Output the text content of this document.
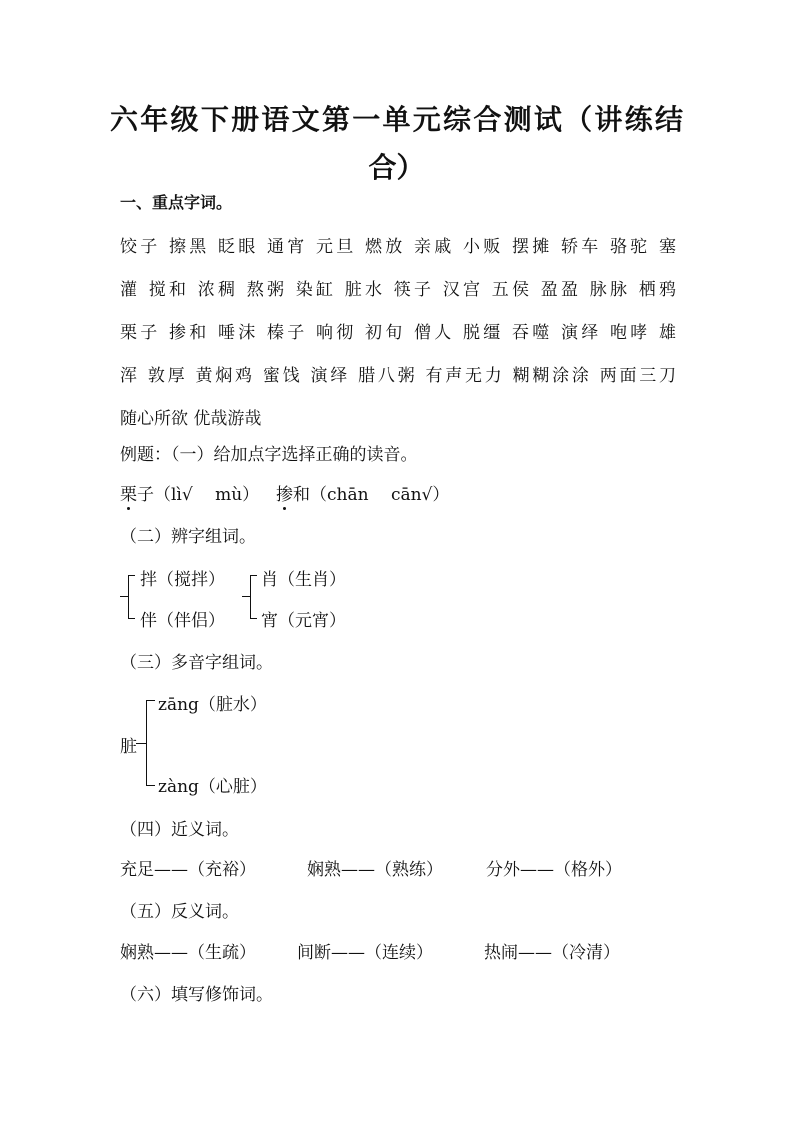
六年级下册语文第一单元综合测试（讲练结
合）
一、重点字词。
饺子 擦黑 眨眼 通宵 元旦 燃放 亲戚 小贩 摆摊 轿车 骆驼 塞
灌 搅和 浓稠 熬粥 染缸 脏水 筷子 汉宫 五侯 盈盈 脉脉 栖鸦
栗子 掺和 唾沫 榛子 响彻 初旬 僧人 脱缰 吞噬 演绎 咆哮 雄
浑 敦厚 黄焖鸡 蜜饯 演绎 腊八粥 有声无力 糊糊涂涂 两面三刀
随心所欲 优哉游哉
例题：（一）给加点字选择正确的读音。
栗子（lì√　 mù） 掺和（chān　 cān√）
（二）辨字组词。
拌（搅拌）
伴（伴侣）
肖（生肖）
宵（元宵）
（三）多音字组词。
脏
zāng（脏水）
zàng（心脏）
（四）近义词。
充足——（充裕）	娴熟——（熟练）	分外——（格外）
（五）反义词。
娴熟——（生疏） 间断——（连续）	热闹——（冷清）
（六）填写修饰词。
